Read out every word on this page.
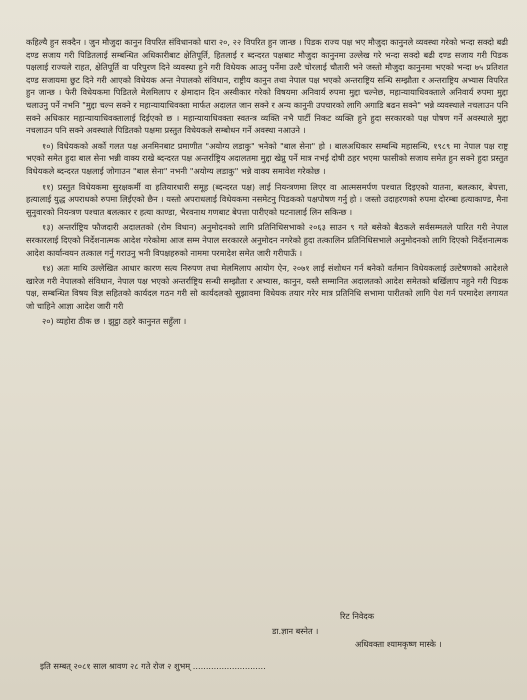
कहिल्यै हुन सक्दैन । जुन मौजुदा कानुन विपरित संविधानको धारा २०, २२ विपरित हुन जान्छ । पिडक राज्य पक्ष भए मौजुदा कानुनले व्यवस्था गरेको भन्दा सक्दो बढी दण्ड सजाय गरी पिडितलाई सम्बन्धित अधिकारीबाट क्षेतिपूर्ति, हितलाई र ब्दन्दरत पक्षबाट मौजुदा कानुनमा उल्लेख गरे भन्दा सक्दो बढी दण्ड सजाय गरी पिडक पक्षलाई राज्यले राहत, क्षेतिपूर्ति वा परिपुरण दिने व्यवस्था हुने गरी विधेयक आउनु पर्नेमा उल्टै चोरलाई चौतारी भने जस्तो मौजुदा कानुनमा भएको भन्दा ७५ प्रतिशत दण्ड सजायमा छुट दिने गरी आएको विधेयक अन्त नेपालको संविधान, राष्ट्रीय कानुन तथा नेपाल पक्ष भएको अन्तराष्ट्रिय सन्धि सम्झौता र अन्तराष्ट्रिय अभ्यास विपरित हुन जान्छ । फेरी विधेयकमा पिडितले मेलमिलाप र क्षेमादान दिन अस्वीकार गरेको विषयमा अनिवार्य रुपमा मुद्दा चल्नेछ, महान्यायाधिवक्ताले अनिवार्य रुपमा मुद्दा चलाउनु पर्ने नभनि "मुद्दा चल्न सक्ने र महान्यायाधिवक्ता मार्फत अदालत जान सक्ने र अन्य कानुनी उपचारको लागि अगाडि बढन सक्ने" भन्ने व्यवस्थाले नचलाउन पनि सक्ने अधिकार महान्यायाधिवक्तालाई दिईएको छ । महान्यायाधिवक्ता स्वतन्त्र व्यक्ति नभै पार्टी निकट व्यक्ति हुने हुदा सरकारको पक्ष पोषण गर्ने अवस्थाले मुद्दा नचलाउन पनि सक्ने अवस्थाले पिडितको पक्षमा प्रस्तुत विधेयकले सम्बोधन गर्ने अवस्था नआउने ।

१०) विधेयकको अर्को गलत पक्ष अनमिनबाट प्रमाणीत "अयोग्य लडाकु" भनेको "बाल सेना" हो । बालअधिकार सम्बन्धि महासन्धि, १९८९ मा नेपाल पक्ष राष्ट्र भएको समेत हुदा बाल सेना भन्नी वाक्य राखे ब्दन्दरत पक्ष अन्तर्राष्ट्रिय अदालतमा मुद्दा खेप्नु पर्ने मात्र नभई दोषी ठहर भएमा फासीको सजाय समेत हुन सक्ने हुदा प्रस्तुत विधेयकले ब्दन्दरत पक्षलाई जोगाउन "बाल सेना" नभनी "अयोग्य लडाकु" भन्ने वाक्य समावेश गरेकोछ ।

११) प्रस्तुत विधेयकमा सुरक्षकर्मी वा हतियारधारी समूह (ब्दन्दरत पक्ष) लाई नियन्त्रणमा लिएर वा आत्मसमर्पण पश्चात दिइएको यातना, बलत्कार, बेपत्ता, हत्यालाई युद्ध अपराधको रुपमा लिईएको छैन । यस्तो अपराधलाई विधेयकमा नसमेटनु पिडकको पक्षपोषण गर्नु हो । जस्तो उदाहरणको रुपमा दोरम्बा हत्याकाण्ड, मैना सुनुवारको नियन्त्रण पश्चात बलत्कार र हत्या काण्डा, भैरवनाथ गणबाट बेपत्ता पारीएको घटनालाई लिन सकिन्छ ।

१३) अन्तर्राष्ट्रिय फौजदारी अदालतको (रोम विधान) अनुमोदनको लागि प्रतिनिधिसभाको २०६३ साउन ९ गते बसेको बैठकले सर्वसम्मतले पारित गरी नेपाल सरकारलाई दिएको निर्देशनात्मक आदेश गरेकोमा आज सम्म नेपाल सरकारले अनुमोदन नगरेको हुदा तत्कालिन प्रतिनिधिसभाले अनुमोदनको लागि दिएको निर्देशनात्मक आदेश कार्यान्वयन तत्काल गर्नु गराउनु भनी विपक्षहरुको नाममा परमादेश समेत जारी गरीपाऊँ ।

१४) अतः माथि उल्लेखित आधार कारण सत्य निरुपण तथा मेलमिलाप आयोग ऐन, २०७१ लाई संशोधन गर्न बनेको वर्तमान विधेयकलाई उल्टेषणको आदेशले खारेज गरी नेपालको संविधान, नेपाल पक्ष भएको अन्तर्राष्ट्रिय सन्धी सम्झौता र अभ्यास, कानुन, यस्तै सम्मानित अदालतको आदेश समेतको बर्खिलाप नहुने गरी पिडक पक्ष, सम्बन्धित विषय विज्ञ सहितको कार्यदल गठन गरी सो कार्यदलको सुझावमा विधेयक तयार गरेर मात्र प्रतिनिधि सभामा पारीतको लागि पेश गर्न परमादेश लगायत जो चाहिने आज्ञा आदेश जारी गरी

२०) व्यहोरा ठीक छ । झुट्ठा ठहरे कानुनत सहुँला ।

रिट निवेदक
डा.ज्ञान बस्नेत ।
अधिवक्ता श्यामकृष्ण मास्के ।
इति सम्बत् २०८१ साल श्रावण २८ गते रोज २ शुभम् ............................
